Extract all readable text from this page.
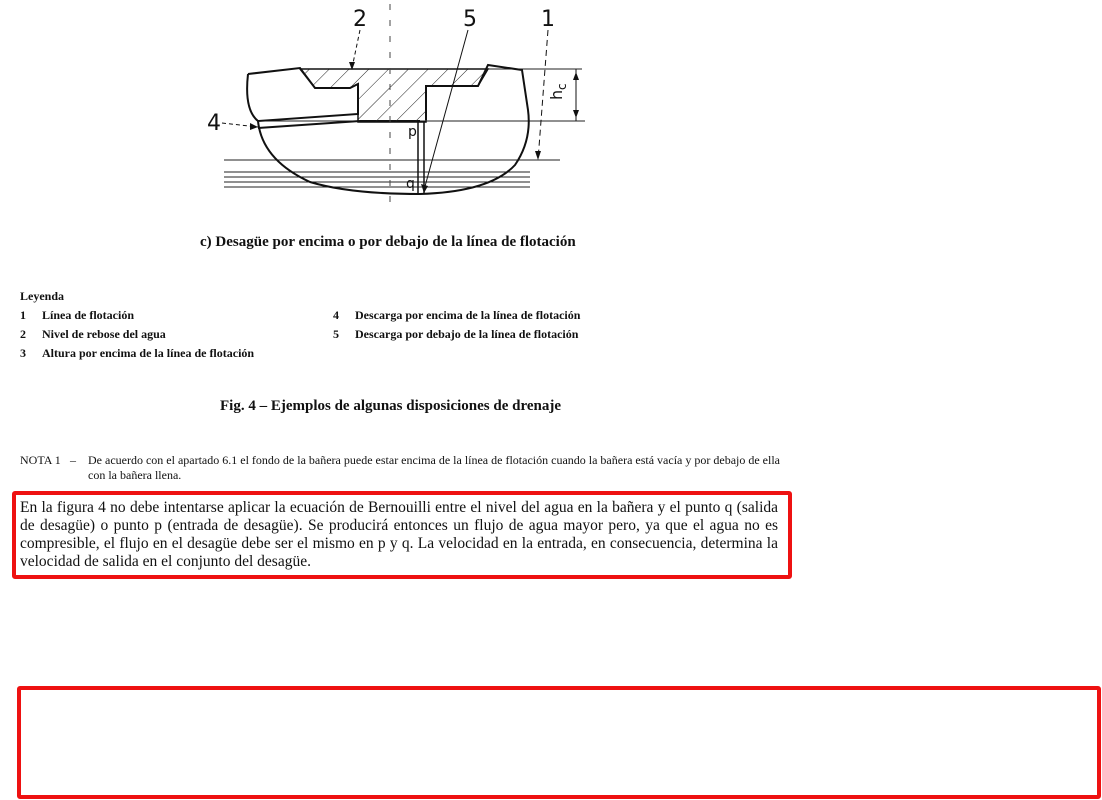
2	5	1
4
h
c
p
q
c) Desagüe por encima o por debajo de la línea de flotación
Leyenda
1 Línea de flotación
2 Nivel de rebose del agua
3 Altura por encima de la línea de flotación
4 Descarga por encima de la línea de flotación
5 Descarga por debajo de la línea de flotación
Fig. 4 – Ejemplos de algunas disposiciones de drenaje
NOTA 1 – De acuerdo con el apartado 6.1 el fondo de la bañera puede estar encima de la línea de flotación cuando la bañera está vacía y por debajo de ella con la bañera llena.
En la figura 4 no debe intentarse aplicar la ecuación de Bernouilli entre el nivel del agua en la bañera y el punto q (salida de desagüe) o punto p (entrada de desagüe). Se producirá entonces un flujo de agua mayor pero, ya que el agua no es compresible, el flujo en el desagüe debe ser el mismo en p y q. La velocidad en la entrada, en consecuencia, determina la velocidad de salida en el conjunto del desagüe.
